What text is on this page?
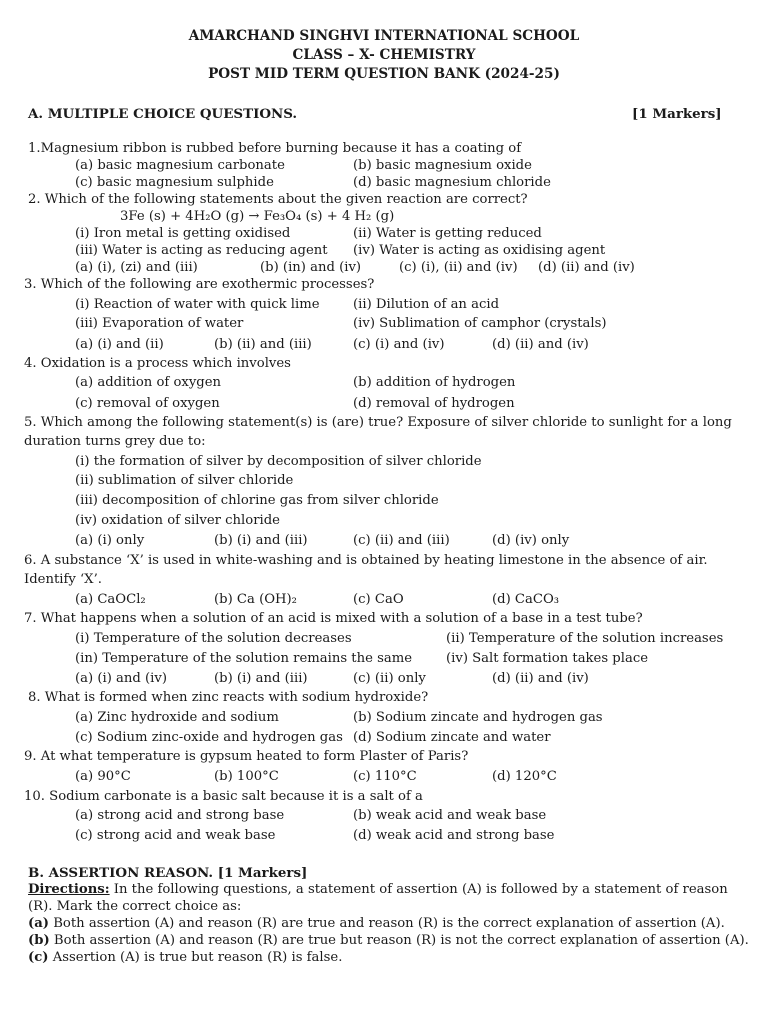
AMARCHAND SINGHVI INTERNATIONAL SCHOOL
CLASS – X- CHEMISTRY
POST MID TERM QUESTION BANK (2024-25)
A. MULTIPLE CHOICE QUESTIONS.	[1 Markers]
1.Magnesium ribbon is rubbed before burning because it has a coating of
(a) basic magnesium carbonate	(b) basic magnesium oxide
(c) basic magnesium sulphide	(d) basic magnesium chloride
2. Which of the following statements about the given reaction are correct?
3Fe (s) + 4H₂O (g) → Fe₃O₄ (s) + 4 H₂ (g)
(i) Iron metal is getting oxidised	(ii) Water is getting reduced
(iii) Water is acting as reducing agent (iv) Water is acting as oxidising agent
(a) (i), (zi) and (iii)	(b) (in) and (iv)	(c) (i), (ii) and (iv) (d) (ii) and (iv)
3. Which of the following are exothermic processes?
(i) Reaction of water with quick lime	(ii) Dilution of an acid
(iii) Evaporation of water	(iv) Sublimation of camphor (crystals)
(a) (i) and (ii)	(b) (ii) and (iii)	(c) (i) and (iv)	(d) (ii) and (iv)
4. Oxidation is a process which involves
(a) addition of oxygen	(b) addition of hydrogen
(c) removal of oxygen	(d) removal of hydrogen
5. Which among the following statement(s) is (are) true? Exposure of silver chloride to sunlight for a long
duration turns grey due to:
(i) the formation of silver by decomposition of silver chloride
(ii) sublimation of silver chloride
(iii) decomposition of chlorine gas from silver chloride
(iv) oxidation of silver chloride
(a) (i) only	(b) (i) and (iii)	(c) (ii) and (iii)	(d) (iv) only
6. A substance ‘X’ is used in white-washing and is obtained by heating limestone in the absence of air.
Identify ‘X’.
(a) CaOCl₂	(b) Ca (OH)₂	(c) CaO	(d) CaCO₃
7. What happens when a solution of an acid is mixed with a solution of a base in a test tube?
(i) Temperature of the solution decreases	(ii) Temperature of the solution increases
(in) Temperature of the solution remains the same	(iv) Salt formation takes place
(a) (i) and (iv)	(b) (i) and (iii)	(c) (ii) only	(d) (ii) and (iv)
8. What is formed when zinc reacts with sodium hydroxide?
(a) Zinc hydroxide and sodium	(b) Sodium zincate and hydrogen gas
(c) Sodium zinc-oxide and hydrogen gas (d) Sodium zincate and water
9. At what temperature is gypsum heated to form Plaster of Paris?
(a) 90°C	(b) 100°C	(c) 110°C	(d) 120°C
10. Sodium carbonate is a basic salt because it is a salt of a
(a) strong acid and strong base	(b) weak acid and weak base
(c) strong acid and weak base	(d) weak acid and strong base
B. ASSERTION REASON. [1 Markers]
Directions: In the following questions, a statement of assertion (A) is followed by a statement of reason
(R). Mark the correct choice as:
(a) Both assertion (A) and reason (R) are true and reason (R) is the correct explanation of assertion (A).
(b) Both assertion (A) and reason (R) are true but reason (R) is not the correct explanation of assertion (A).
(c) Assertion (A) is true but reason (R) is false.
